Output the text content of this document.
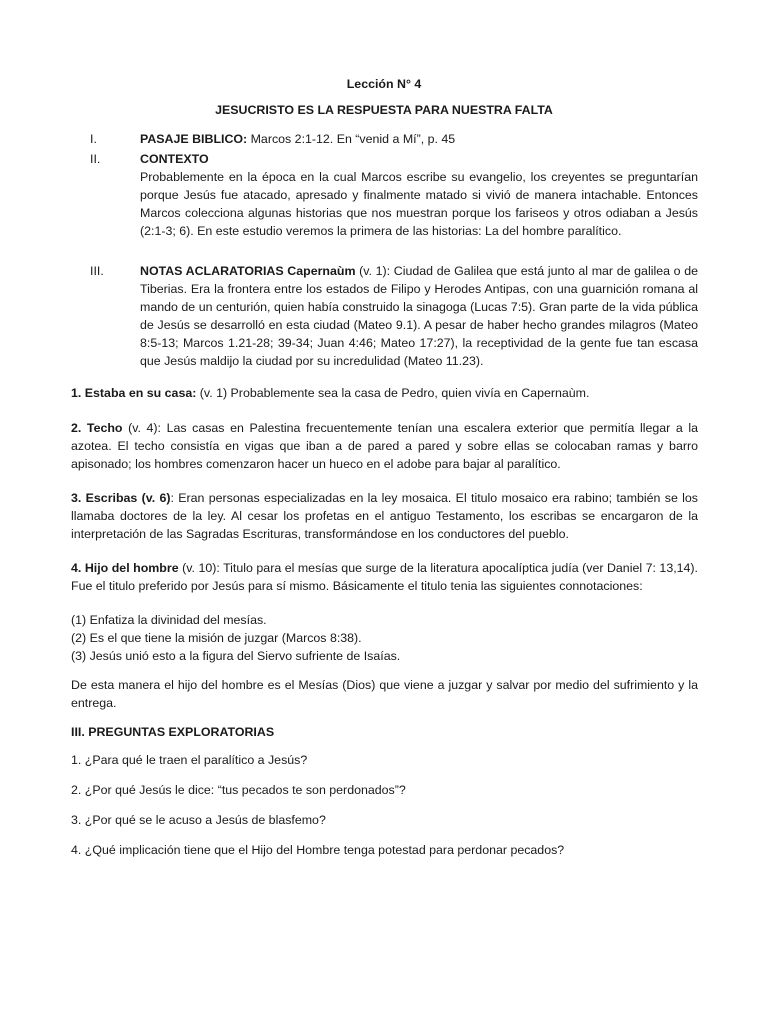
Lección N° 4

JESUCRISTO ES LA RESPUESTA PARA NUESTRA FALTA

I.	PASAJE BIBLICO: Marcos 2:1-12. En “venid a Mí”, p. 45

II.	CONTEXTO

Probablemente en la época en la cual Marcos escribe su evangelio, los creyentes se preguntarían porque Jesús fue atacado, apresado y finalmente matado si vivió de manera intachable. Entonces Marcos colecciona algunas historias que nos muestran porque los fariseos y otros odiaban a Jesús (2:1-3; 6). En este estudio veremos la primera de las historias: La del hombre paralítico.

III.	NOTAS ACLARATORIAS Capernaùm (v. 1): Ciudad de Galilea que está junto al mar de galilea o de Tiberias. Era la frontera entre los estados de Filipo y Herodes Antipas, con una guarnición romana al mando de un centurión, quien había construido la sinagoga (Lucas 7:5). Gran parte de la vida pública de Jesús se desarrolló en esta ciudad (Mateo 9.1). A pesar de haber hecho grandes milagros (Mateo 8:5-13; Marcos 1.21-28; 39-34; Juan 4:46; Mateo 17:27), la receptividad de la gente fue tan escasa que Jesús maldijo la ciudad por su incredulidad (Mateo 11.23).

1. Estaba en su casa: (v. 1) Probablemente sea la casa de Pedro, quien vivía en Capernaùm.

2. Techo (v. 4): Las casas en Palestina frecuentemente tenían una escalera exterior que permitía llegar a la azotea. El techo consistía en vigas que iban a de pared a pared y sobre ellas se colocaban ramas y barro apisonado; los hombres comenzaron hacer un hueco en el adobe para bajar al paralítico.

3. Escribas (v. 6): Eran personas especializadas en la ley mosaica. El titulo mosaico era rabino; también se los llamaba doctores de la ley. Al cesar los profetas en el antiguo Testamento, los escribas se encargaron de la interpretación de las Sagradas Escrituras, transformándose en los conductores del pueblo.

4. Hijo del hombre (v. 10): Titulo para el mesías que surge de la literatura apocalíptica judía (ver Daniel 7: 13,14). Fue el titulo preferido por Jesús para sí mismo. Básicamente el titulo tenia las siguientes connotaciones:

(1) Enfatiza la divinidad del mesías.

(2) Es el que tiene la misión de juzgar (Marcos 8:38).

(3) Jesús unió esto a la figura del Siervo sufriente de Isaías.

De esta manera el hijo del hombre es el Mesías (Dios) que viene a juzgar y salvar por medio del sufrimiento y la entrega.

III. PREGUNTAS EXPLORATORIAS

1. ¿Para qué le traen el paralítico a Jesús?

2. ¿Por qué Jesús le dice: “tus pecados te son perdonados”?

3. ¿Por qué se le acuso a Jesús de blasfemo?

4. ¿Qué implicación tiene que el Hijo del Hombre tenga potestad para perdonar pecados?
